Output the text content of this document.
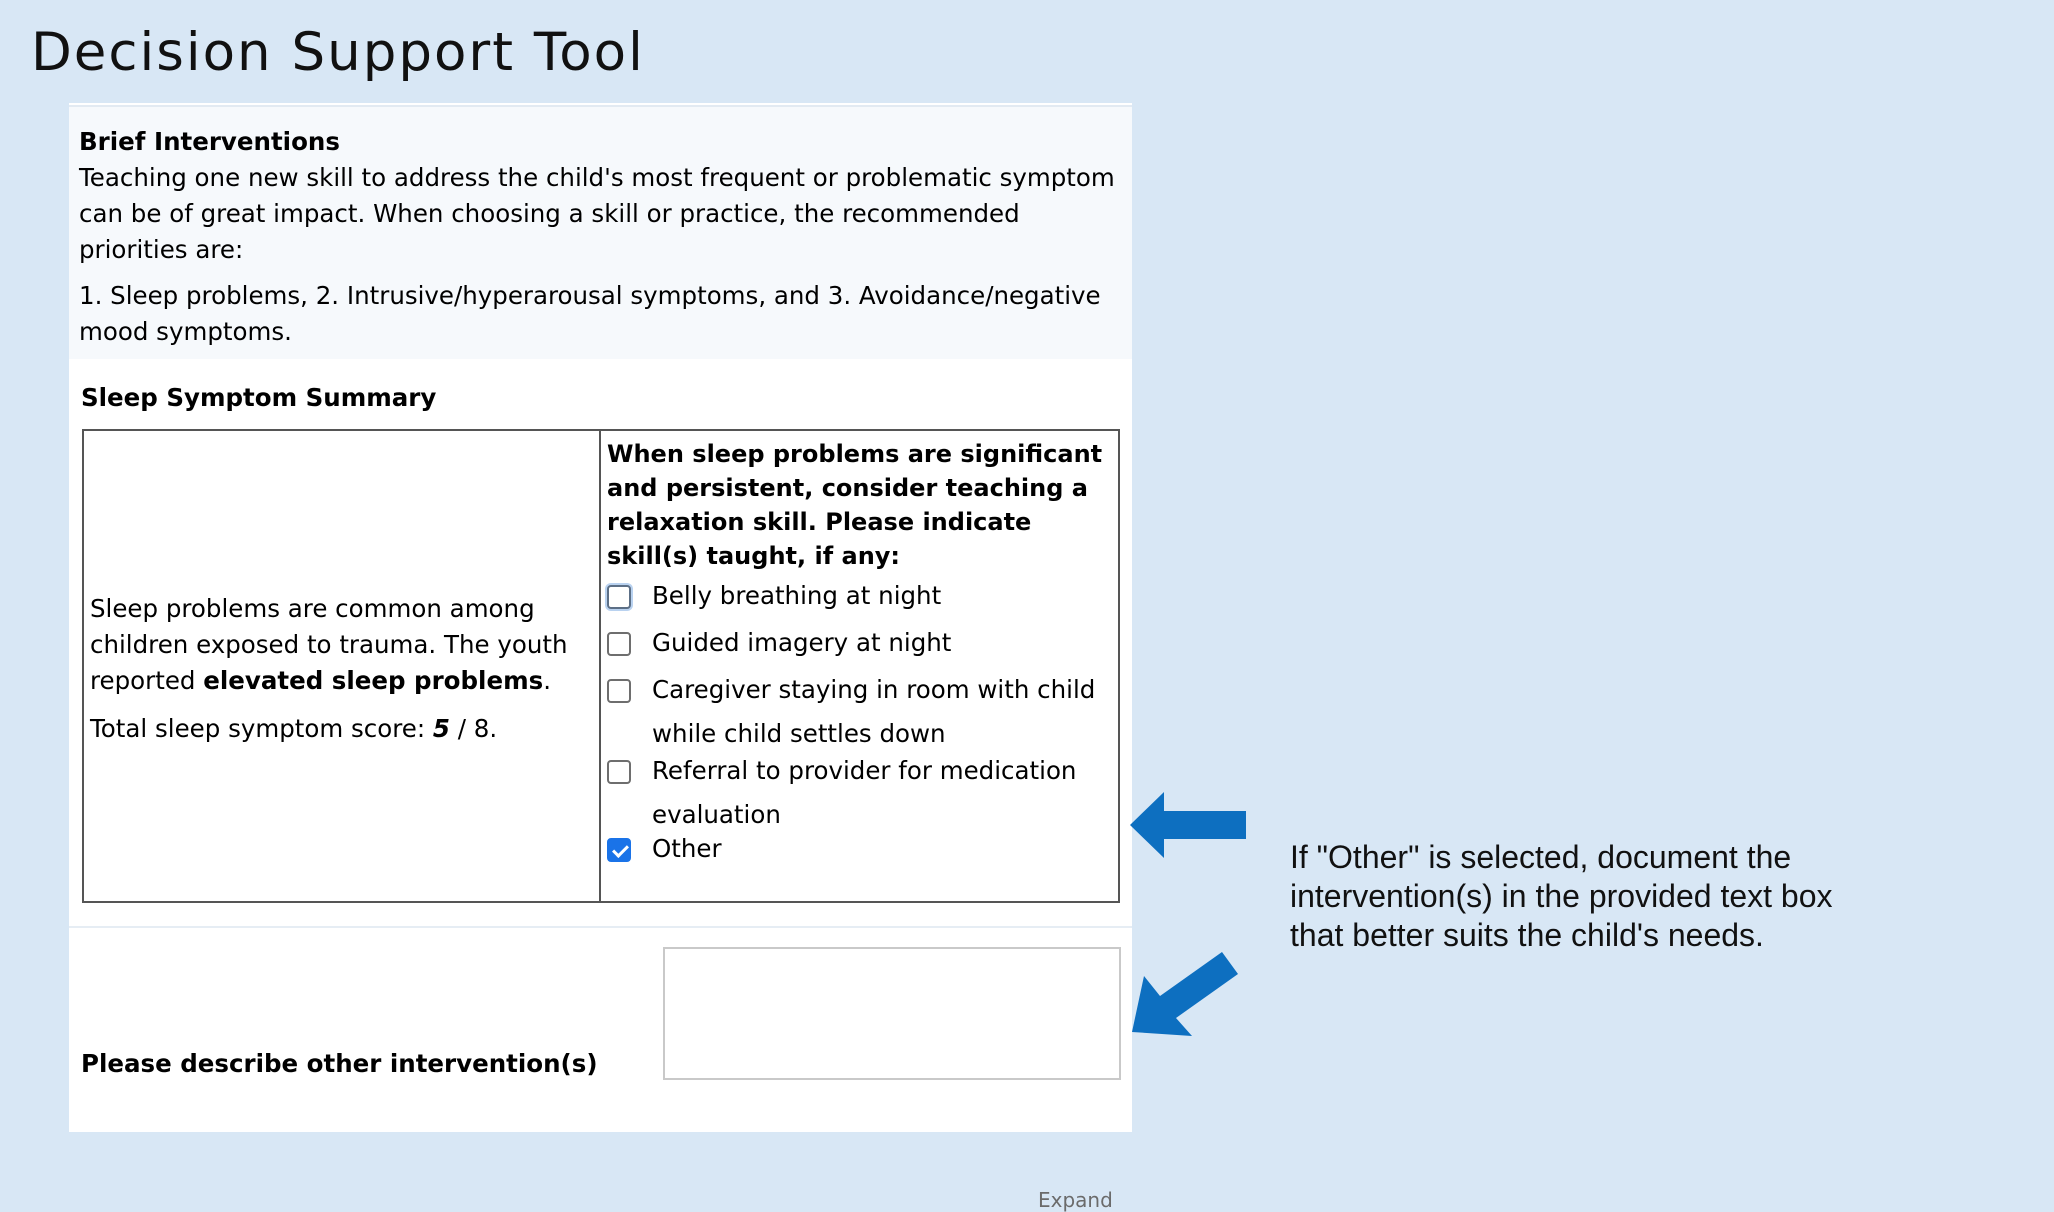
Decision Support Tool
Brief Interventions

Teaching one new skill to address the child's most frequent or problematic symptom can be of great impact. When choosing a skill or practice, the recommended priorities are:

1. Sleep problems, 2. Intrusive/hyperarousal symptoms, and 3. Avoidance/negative mood symptoms.

Sleep Symptom Summary
Sleep problems are common among children exposed to trauma. The youth reported elevated sleep problems.
Total sleep symptom score: 5 / 8.
When sleep problems are significant and persistent, consider teaching a relaxation skill. Please indicate skill(s) taught, if any:
Belly breathing at night
Guided imagery at night
Caregiver staying in room with child while child settles down
Referral to provider for medication evaluation
Other
Please describe other intervention(s)
Expand
If "Other" is selected, document the intervention(s) in the provided text box that better suits the child's needs.
